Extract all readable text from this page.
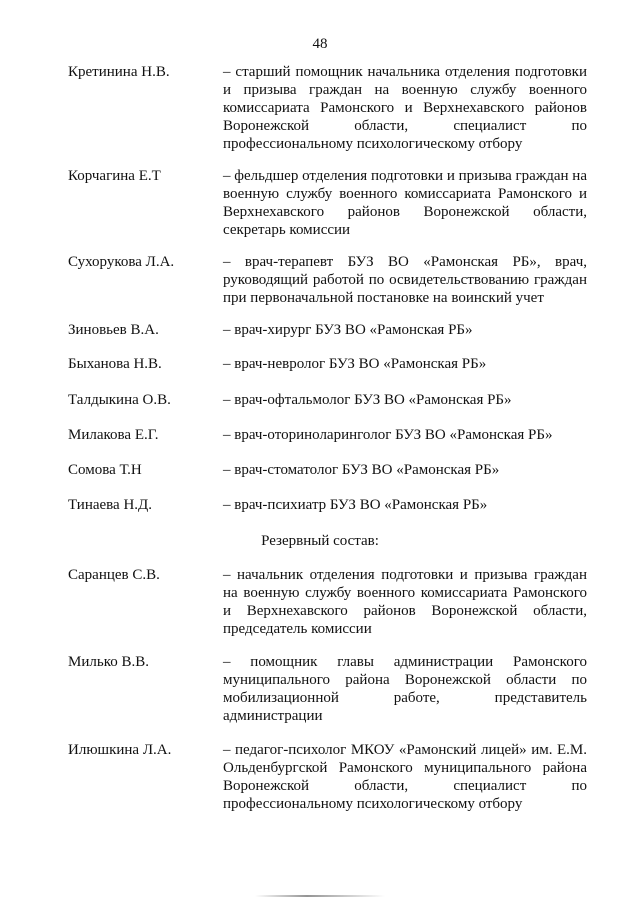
48
Кретинина Н.В.	– старший помощник начальника отделения подготовки и призыва граждан на военную службу военного комиссариата Рамонского и Верхнехавского районов Воронежской области, специалист по профессиональному психологическому отбору
Корчагина Е.Т	– фельдшер отделения подготовки и призыва граждан на военную службу военного комиссариата Рамонского и Верхнехавского районов Воронежской области, секретарь комиссии
Сухорукова Л.А.	– врач-терапевт БУЗ ВО «Рамонская РБ», врач, руководящий работой по освидетельствованию граждан при первоначальной постановке на воинский учет
Зиновьев В.А.	– врач-хирург БУЗ ВО «Рамонская РБ»
Быханова Н.В.	– врач-невролог БУЗ ВО «Рамонская РБ»
Талдыкина О.В.	– врач-офтальмолог БУЗ ВО «Рамонская РБ»
Милакова Е.Г.	– врач-оториноларинголог БУЗ ВО «Рамонская РБ»
Сомова Т.Н	– врач-стоматолог БУЗ ВО «Рамонская РБ»
Тинаева Н.Д.	– врач-психиатр БУЗ ВО «Рамонская РБ»
Резервный состав:
Саранцев С.В.	– начальник отделения подготовки и призыва граждан на военную службу военного комиссариата Рамонского и Верхнехавского районов Воронежской области, председатель комиссии
Милько В.В.	– помощник главы администрации Рамонского муниципального района Воронежской области по мобилизационной работе, представитель администрации
Илюшкина Л.А.	– педагог-психолог МКОУ «Рамонский лицей» им. Е.М. Ольденбургской Рамонского муниципального района Воронежской области, специалист по профессиональному психологическому отбору
